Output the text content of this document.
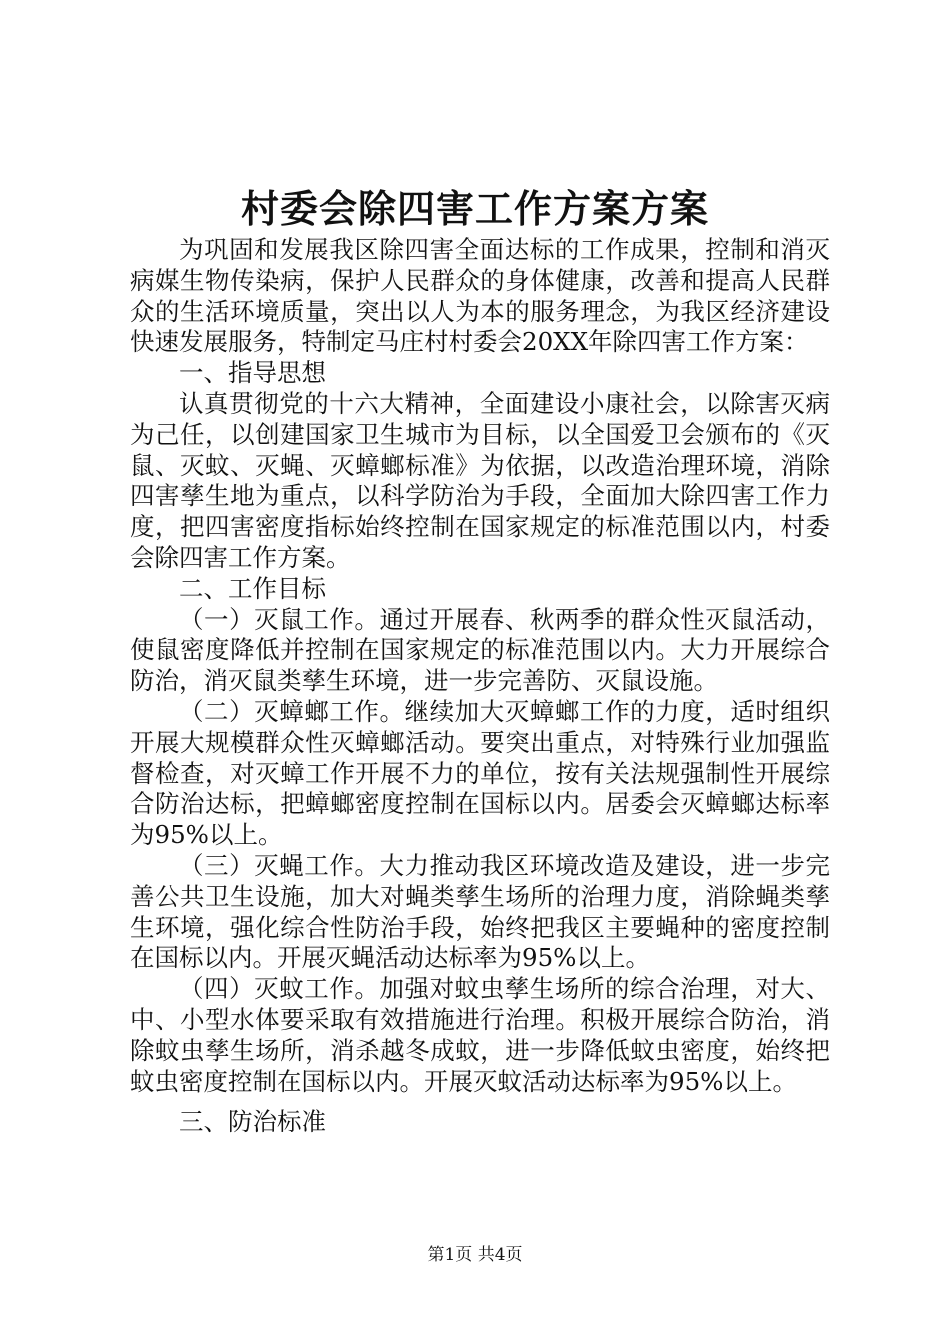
村委会除四害工作方案方案

为巩固和发展我区除四害全面达标的工作成果，控制和消灭病媒生物传染病，保护人民群众的身体健康，改善和提高人民群众的生活环境质量，突出以人为本的服务理念，为我区经济建设快速发展服务，特制定马庄村村委会20XX年除四害工作方案：

一、指导思想

认真贯彻党的十六大精神，全面建设小康社会，以除害灭病为己任，以创建国家卫生城市为目标，以全国爱卫会颁布的《灭鼠、灭蚊、灭蝇、灭蟑螂标准》为依据，以改造治理环境，消除四害孳生地为重点，以科学防治为手段，全面加大除四害工作力度，把四害密度指标始终控制在国家规定的标准范围以内，村委会除四害工作方案。

二、工作目标

（一）灭鼠工作。通过开展春、秋两季的群众性灭鼠活动，使鼠密度降低并控制在国家规定的标准范围以内。大力开展综合防治，消灭鼠类孳生环境，进一步完善防、灭鼠设施。

（二）灭蟑螂工作。继续加大灭蟑螂工作的力度，适时组织开展大规模群众性灭蟑螂活动。要突出重点，对特殊行业加强监督检查，对灭蟑工作开展不力的单位，按有关法规强制性开展综合防治达标，把蟑螂密度控制在国标以内。居委会灭蟑螂达标率为95%以上。

（三）灭蝇工作。大力推动我区环境改造及建设，进一步完善公共卫生设施，加大对蝇类孳生场所的治理力度，消除蝇类孳生环境，强化综合性防治手段，始终把我区主要蝇种的密度控制在国标以内。开展灭蝇活动达标率为95%以上。

（四）灭蚊工作。加强对蚊虫孳生场所的综合治理，对大、中、小型水体要采取有效措施进行治理。积极开展综合防治，消除蚊虫孳生场所，消杀越冬成蚊，进一步降低蚊虫密度，始终把蚊虫密度控制在国标以内。开展灭蚊活动达标率为95%以上。

三、防治标准

第1页 共4页
